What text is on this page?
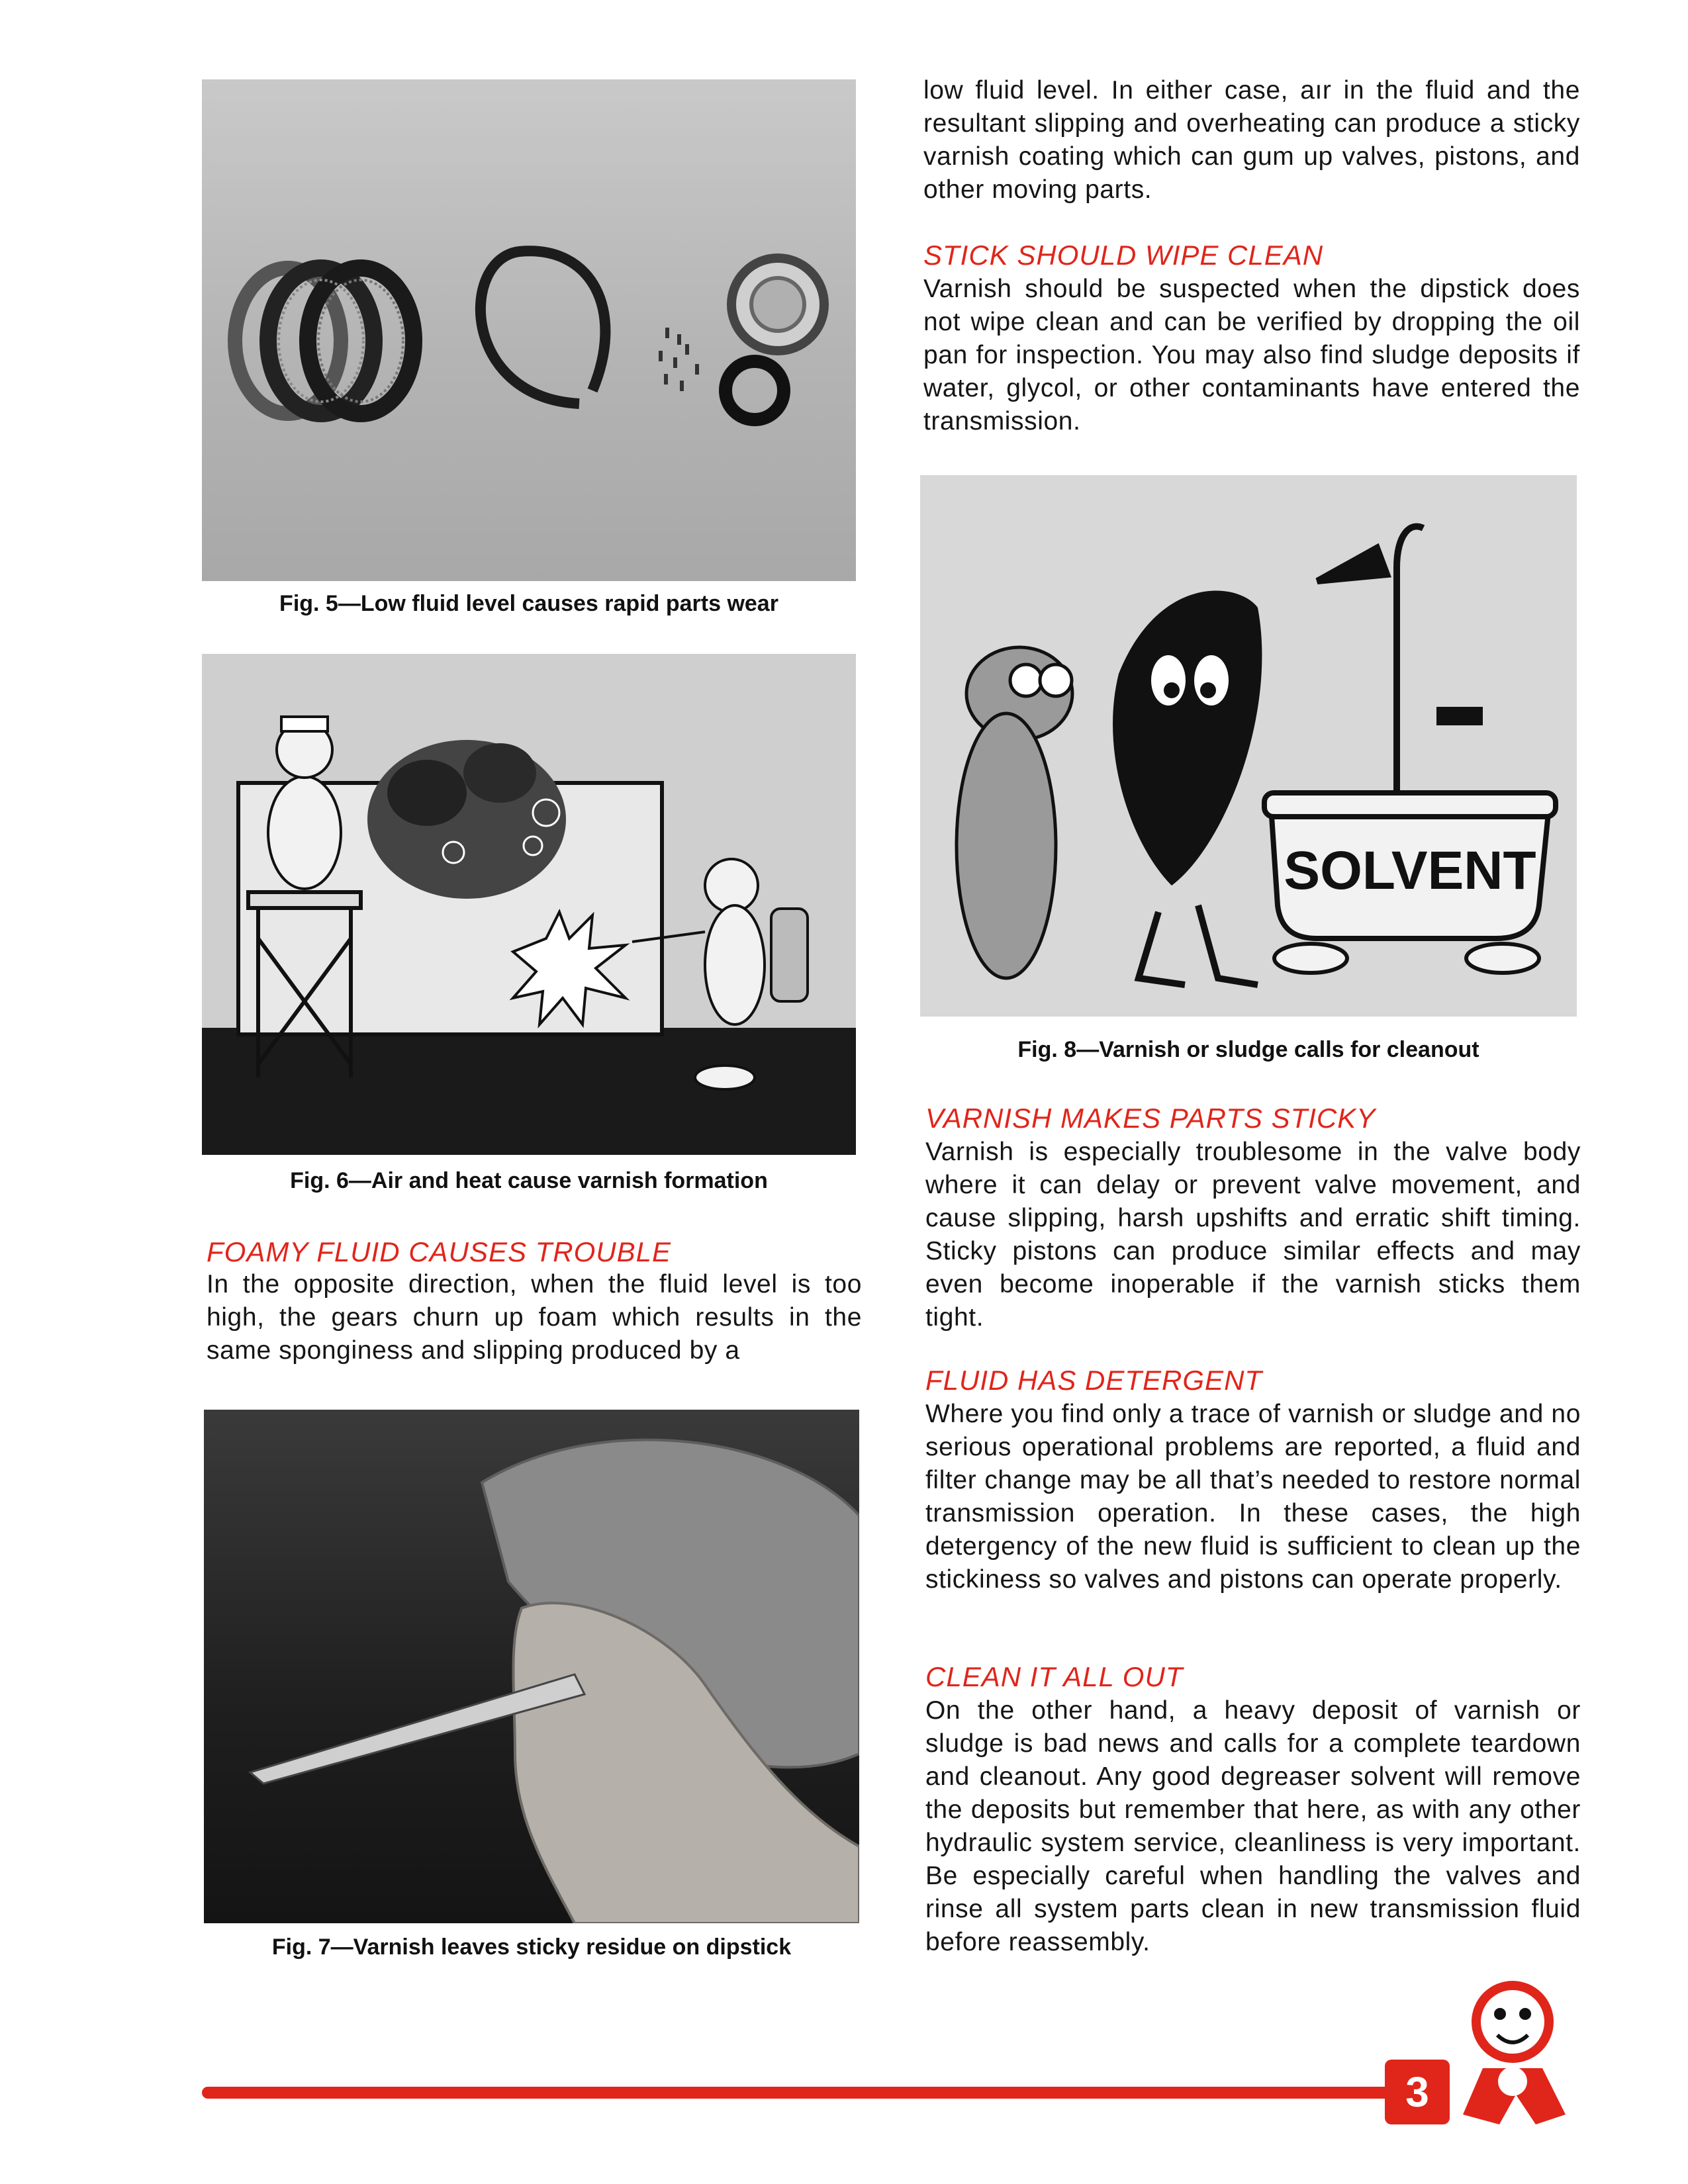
Fig. 5—Low fluid level causes rapid parts wear
Fig. 6—Air and heat cause varnish formation
FOAMY FLUID CAUSES TROUBLE
In the opposite direction, when the fluid level is too high, the gears churn up foam which results in the same sponginess and slipping produced by a
Fig. 7—Varnish leaves sticky residue on dipstick
low fluid level. In either case, aır in the fluid and the resultant slipping and overheating can produce a sticky varnish coating which can gum up valves, pistons, and other moving parts.
STICK SHOULD WIPE CLEAN
Varnish should be suspected when the dipstick does not wipe clean and can be verified by dropping the oil pan for inspection. You may also find sludge deposits if water, glycol, or other contaminants have entered the transmission.
SOLVENT
Fig. 8—Varnish or sludge calls for cleanout
VARNISH MAKES PARTS STICKY
Varnish is especially troublesome in the valve body where it can delay or prevent valve movement, and cause slipping, harsh upshifts and erratic shift timing. Sticky pistons can produce similar effects and may even become inoperable if the varnish sticks them tight.
FLUID HAS DETERGENT
Where you find only a trace of varnish or sludge and no serious operational problems are reported, a fluid and filter change may be all that’s needed to restore normal transmission operation. In these cases, the high detergency of the new fluid is sufficient to clean up the stickiness so valves and pistons can operate properly.
CLEAN IT ALL OUT
On the other hand, a heavy deposit of varnish or sludge is bad news and calls for a complete teardown and cleanout. Any good degreaser solvent will remove the deposits but remember that here, as with any other hydraulic system service, cleanliness is very important. Be especially careful when handling the valves and rinse all system parts clean in new transmission fluid before reassembly.
3
